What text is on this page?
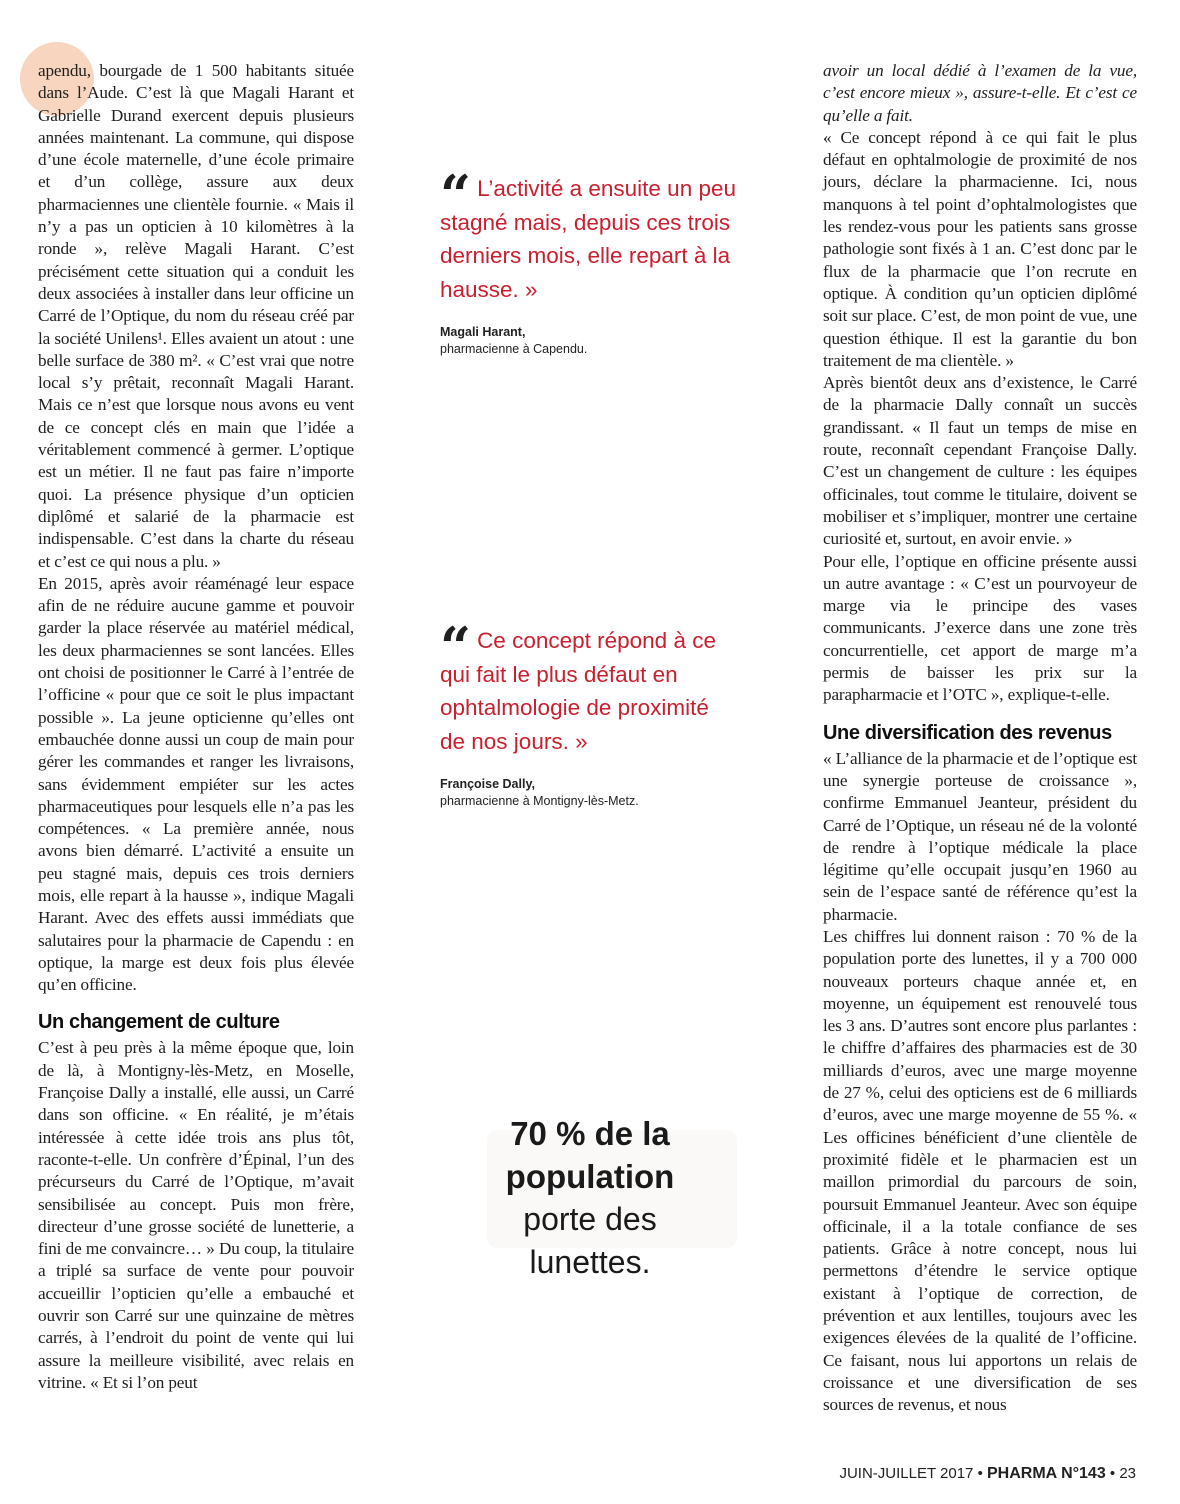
apendu, bourgade de 1 500 habitants située dans l’Aude. C’est là que Magali Harant et Gabrielle Durand exercent depuis plusieurs années maintenant. La commune, qui dispose d’une école maternelle, d’une école primaire et d’un collège, assure aux deux pharmaciennes une clientèle fournie. « Mais il n’y a pas un opticien à 10 kilomètres à la ronde », relève Magali Harant. C’est précisément cette situation qui a conduit les deux associées à installer dans leur officine un Carré de l’Optique, du nom du réseau créé par la société Unilens¹. Elles avaient un atout : une belle surface de 380 m². « C’est vrai que notre local s’y prêtait, reconnaît Magali Harant. Mais ce n’est que lorsque nous avons eu vent de ce concept clés en main que l’idée a véritablement commencé à germer. L’optique est un métier. Il ne faut pas faire n’importe quoi. La présence physique d’un opticien diplômé et salarié de la pharmacie est indispensable. C’est dans la charte du réseau et c’est ce qui nous a plu. »

En 2015, après avoir réaménagé leur espace afin de ne réduire aucune gamme et pouvoir garder la place réservée au matériel médical, les deux pharmaciennes se sont lancées. Elles ont choisi de positionner le Carré à l’entrée de l’officine « pour que ce soit le plus impactant possible ». La jeune opticienne qu’elles ont embauchée donne aussi un coup de main pour gérer les commandes et ranger les livraisons, sans évidemment empiéter sur les actes pharmaceutiques pour lesquels elle n’a pas les compétences. « La première année, nous avons bien démarré. L’activité a ensuite un peu stagné mais, depuis ces trois derniers mois, elle repart à la hausse », indique Magali Harant. Avec des effets aussi immédiats que salutaires pour la pharmacie de Capendu : en optique, la marge est deux fois plus élevée qu’en officine.

Un changement de culture

C’est à peu près à la même époque que, loin de là, à Montigny-lès-Metz, en Moselle, Françoise Dally a installé, elle aussi, un Carré dans son officine. « En réalité, je m’étais intéressée à cette idée trois ans plus tôt, raconte-t-elle. Un confrère d’Épinal, l’un des précurseurs du Carré de l’Optique, m’avait sensibilisée au concept. Puis mon frère, directeur d’une grosse société de lunetterie, a fini de me convaincre… » Du coup, la titulaire a triplé sa surface de vente pour pouvoir accueillir l’opticien qu’elle a embauché et ouvrir son Carré sur une quinzaine de mètres carrés, à l’endroit du point de vente qui lui assure la meilleure visibilité, avec relais en vitrine. « Et si l’on peut

“ L’activité a ensuite un peu stagné mais, depuis ces trois derniers mois, elle repart à la hausse. »
Magali Harant,
pharmacienne à Capendu.
“ Ce concept répond à ce qui fait le plus défaut en ophtalmologie de proximité de nos jours. »
Françoise Dally,
pharmacienne à Montigny-lès-Metz.
70 % de la
population
porte des
lunettes.

avoir un local dédié à l’examen de la vue, c’est encore mieux », assure-t-elle. Et c’est ce qu’elle a fait.

« Ce concept répond à ce qui fait le plus défaut en ophtalmologie de proximité de nos jours, déclare la pharmacienne. Ici, nous manquons à tel point d’ophtalmologistes que les rendez-vous pour les patients sans grosse pathologie sont fixés à 1 an. C’est donc par le flux de la pharmacie que l’on recrute en optique. À condition qu’un opticien diplômé soit sur place. C’est, de mon point de vue, une question éthique. Il est la garantie du bon traitement de ma clientèle. »

Après bientôt deux ans d’existence, le Carré de la pharmacie Dally connaît un succès grandissant. « Il faut un temps de mise en route, reconnaît cependant Françoise Dally. C’est un changement de culture : les équipes officinales, tout comme le titulaire, doivent se mobiliser et s’impliquer, montrer une certaine curiosité et, surtout, en avoir envie. »

Pour elle, l’optique en officine présente aussi un autre avantage : « C’est un pourvoyeur de marge via le principe des vases communicants. J’exerce dans une zone très concurrentielle, cet apport de marge m’a permis de baisser les prix sur la parapharmacie et l’OTC », explique-t-elle.

Une diversification des revenus

« L’alliance de la pharmacie et de l’optique est une synergie porteuse de croissance », confirme Emmanuel Jeanteur, président du Carré de l’Optique, un réseau né de la volonté de rendre à l’optique médicale la place légitime qu’elle occupait jusqu’en 1960 au sein de l’espace santé de référence qu’est la pharmacie.

Les chiffres lui donnent raison : 70 % de la population porte des lunettes, il y a 700 000 nouveaux porteurs chaque année et, en moyenne, un équipement est renouvelé tous les 3 ans. D’autres sont encore plus parlantes : le chiffre d’affaires des pharmacies est de 30 milliards d’euros, avec une marge moyenne de 27 %, celui des opticiens est de 6 milliards d’euros, avec une marge moyenne de 55 %. « Les officines bénéficient d’une clientèle de proximité fidèle et le pharmacien est un maillon primordial du parcours de soin, poursuit Emmanuel Jeanteur. Avec son équipe officinale, il a la totale confiance de ses patients. Grâce à notre concept, nous lui permettons d’étendre le service optique existant à l’optique de correction, de prévention et aux lentilles, toujours avec les exigences élevées de la qualité de l’officine. Ce faisant, nous lui apportons un relais de croissance et une diversification de ses sources de revenus, et nous

JUIN-JUILLET 2017 • PHARMA N°143 • 23
